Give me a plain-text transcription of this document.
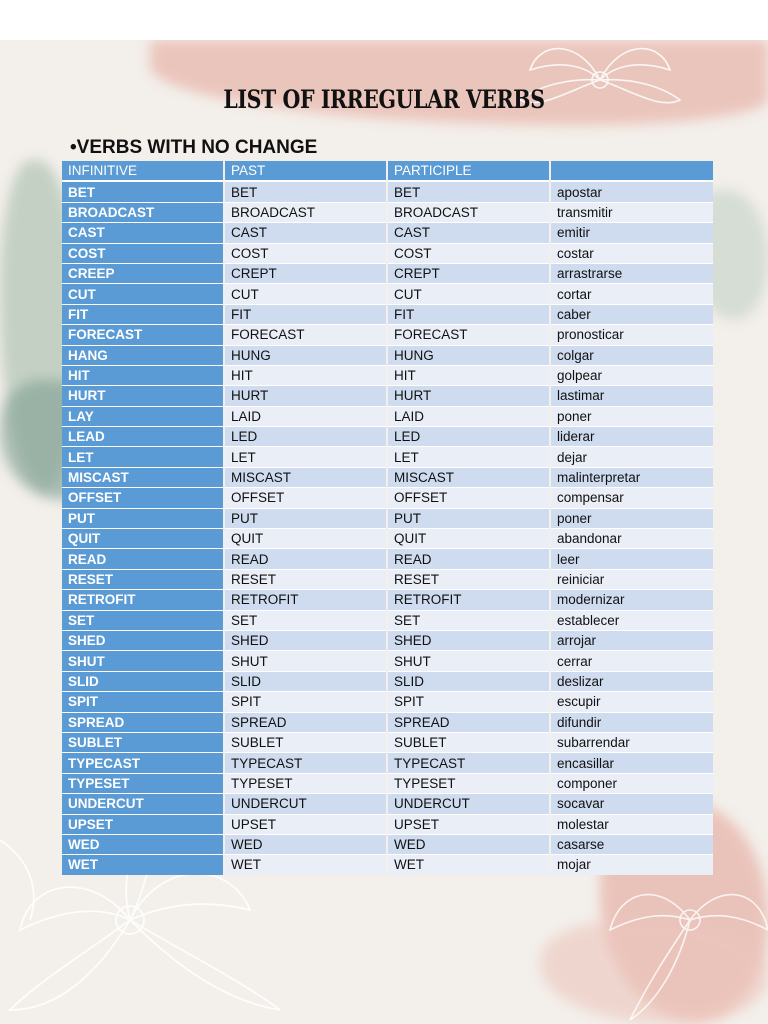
LIST OF IRREGULAR VERBS
•VERBS WITH NO CHANGE
INFINITIVE	PAST	PARTICIPLE	
BET	BET	BET	apostar
BROADCAST	BROADCAST	BROADCAST	transmitir
CAST	CAST	CAST	emitir
COST	COST	COST	costar
CREEP	CREPT	CREPT	arrastrarse
CUT	CUT	CUT	cortar
FIT	FIT	FIT	caber
FORECAST	FORECAST	FORECAST	pronosticar
HANG	HUNG	HUNG	colgar
HIT	HIT	HIT	golpear
HURT	HURT	HURT	lastimar
LAY	LAID	LAID	poner
LEAD	LED	LED	liderar
LET	LET	LET	dejar
MISCAST	MISCAST	MISCAST	malinterpretar
OFFSET	OFFSET	OFFSET	compensar
PUT	PUT	PUT	poner
QUIT	QUIT	QUIT	abandonar
READ	READ	READ	leer
RESET	RESET	RESET	reiniciar
RETROFIT	RETROFIT	RETROFIT	modernizar
SET	SET	SET	establecer
SHED	SHED	SHED	arrojar
SHUT	SHUT	SHUT	cerrar
SLID	SLID	SLID	deslizar
SPIT	SPIT	SPIT	escupir
SPREAD	SPREAD	SPREAD	difundir
SUBLET	SUBLET	SUBLET	subarrendar
TYPECAST	TYPECAST	TYPECAST	encasillar
TYPESET	TYPESET	TYPESET	componer
UNDERCUT	UNDERCUT	UNDERCUT	socavar
UPSET	UPSET	UPSET	molestar
WED	WED	WED	casarse
WET	WET	WET	mojar
